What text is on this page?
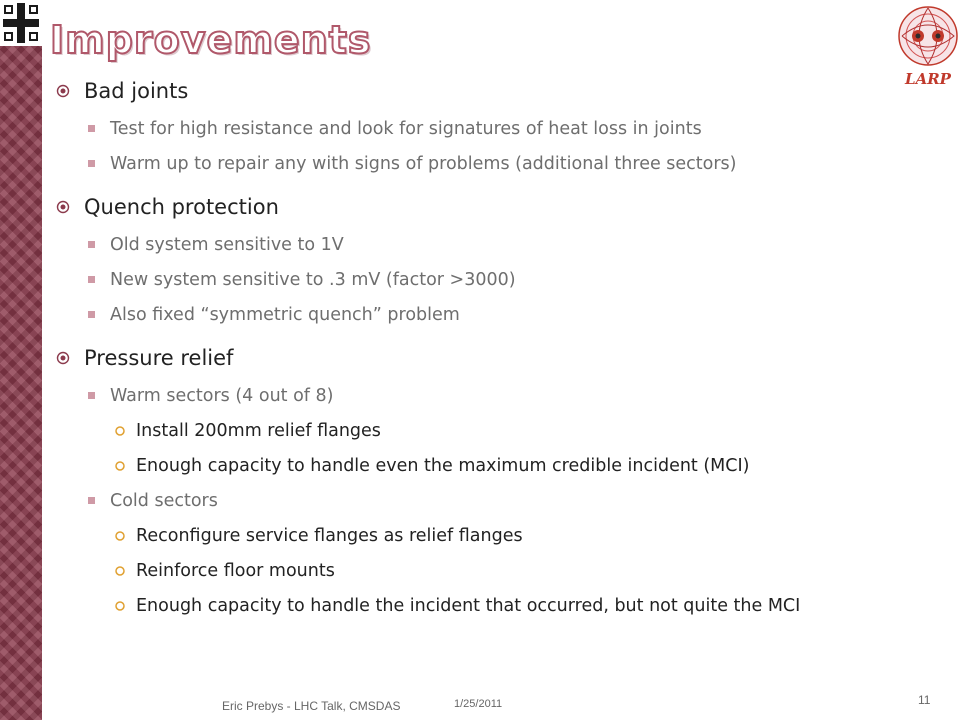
Improvements
LARP
Bad joints
Test for high resistance and look for signatures of heat loss in joints
Warm up to repair any with signs of problems (additional three sectors)
Quench protection
Old system sensitive to 1V
New system sensitive to .3 mV (factor >3000)
Also fixed “symmetric quench” problem
Pressure relief
Warm sectors (4 out of 8)
Install 200mm relief flanges
Enough capacity to handle even the maximum credible incident (MCI)
Cold sectors
Reconfigure service flanges as relief flanges
Reinforce floor mounts
Enough capacity to handle the incident that occurred, but not quite the MCI
Eric Prebys - LHC Talk, CMSDAS	1/25/2011	11
